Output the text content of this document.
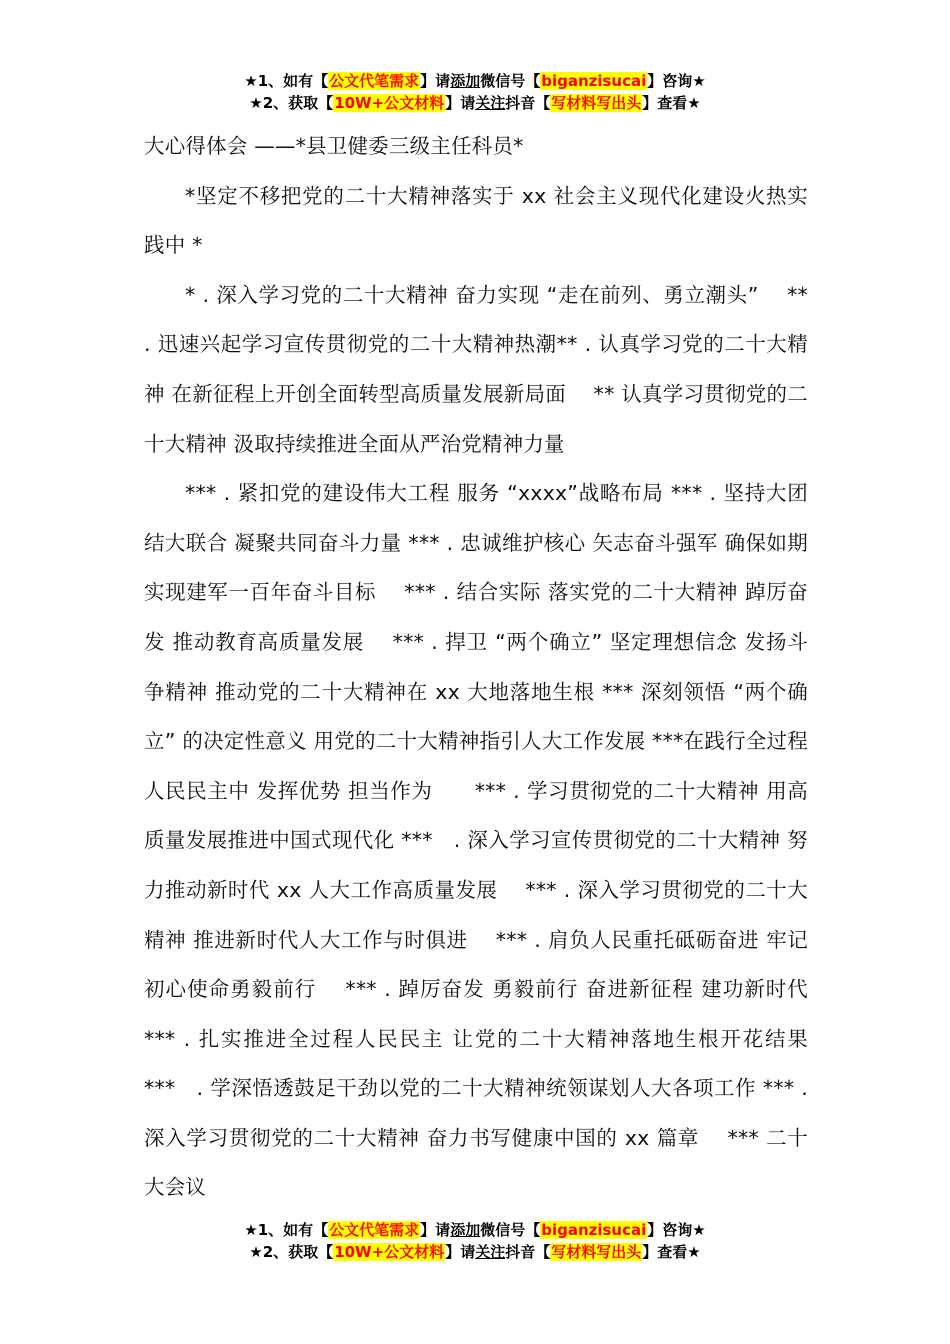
★1、如有【公文代笔需求】请添加微信号【biganzisucai】咨询★
★2、获取【10W+公文材料】请关注抖音【写材料写出头】查看★

大心得体会 ——*县卫健委三级主任科员*

*坚定不移把党的二十大精神落实于 xx 社会主义现代化建设火热实践中 *

* . 深入学习党的二十大精神 奋力实现 “走在前列、勇立潮头”　 ** . 迅速兴起学习宣传贯彻党的二十大精神热潮** . 认真学习党的二十大精神 在新征程上开创全面转型高质量发展新局面　 ** 认真学习贯彻党的二十大精神 汲取持续推进全面从严治党精神力量

*** . 紧扣党的建设伟大工程 服务 “xxxx”战略布局 *** . 坚持大团结大联合 凝聚共同奋斗力量 *** . 忠诚维护核心 矢志奋斗强军 确保如期实现建军一百年奋斗目标　 *** . 结合实际 落实党的二十大精神 踔厉奋发 推动教育高质量发展　 *** . 捍卫 “两个确立” 坚定理想信念 发扬斗争精神 推动党的二十大精神在 xx 大地落地生根 *** 深刻领悟 “两个确立” 的决定性意义 用党的二十大精神指引人大工作发展 ***在践行全过程人民民主中 发挥优势 担当作为　　*** . 学习贯彻党的二十大精神 用高质量发展推进中国式现代化 ***　. 深入学习宣传贯彻党的二十大精神 努力推动新时代 xx 人大工作高质量发展　 *** . 深入学习贯彻党的二十大精神 推进新时代人大工作与时俱进　 *** . 肩负人民重托砥砺奋进 牢记初心使命勇毅前行　 *** . 踔厉奋发 勇毅前行 奋进新征程 建功新时代 *** . 扎实推进全过程人民民主 让党的二十大精神落地生根开花结果　 ***　. 学深悟透鼓足干劲以党的二十大精神统领谋划人大各项工作 *** . 深入学习贯彻党的二十大精神 奋力书写健康中国的 xx 篇章　 *** 二十大会议

★1、如有【公文代笔需求】请添加微信号【biganzisucai】咨询★
★2、获取【10W+公文材料】请关注抖音【写材料写出头】查看★
